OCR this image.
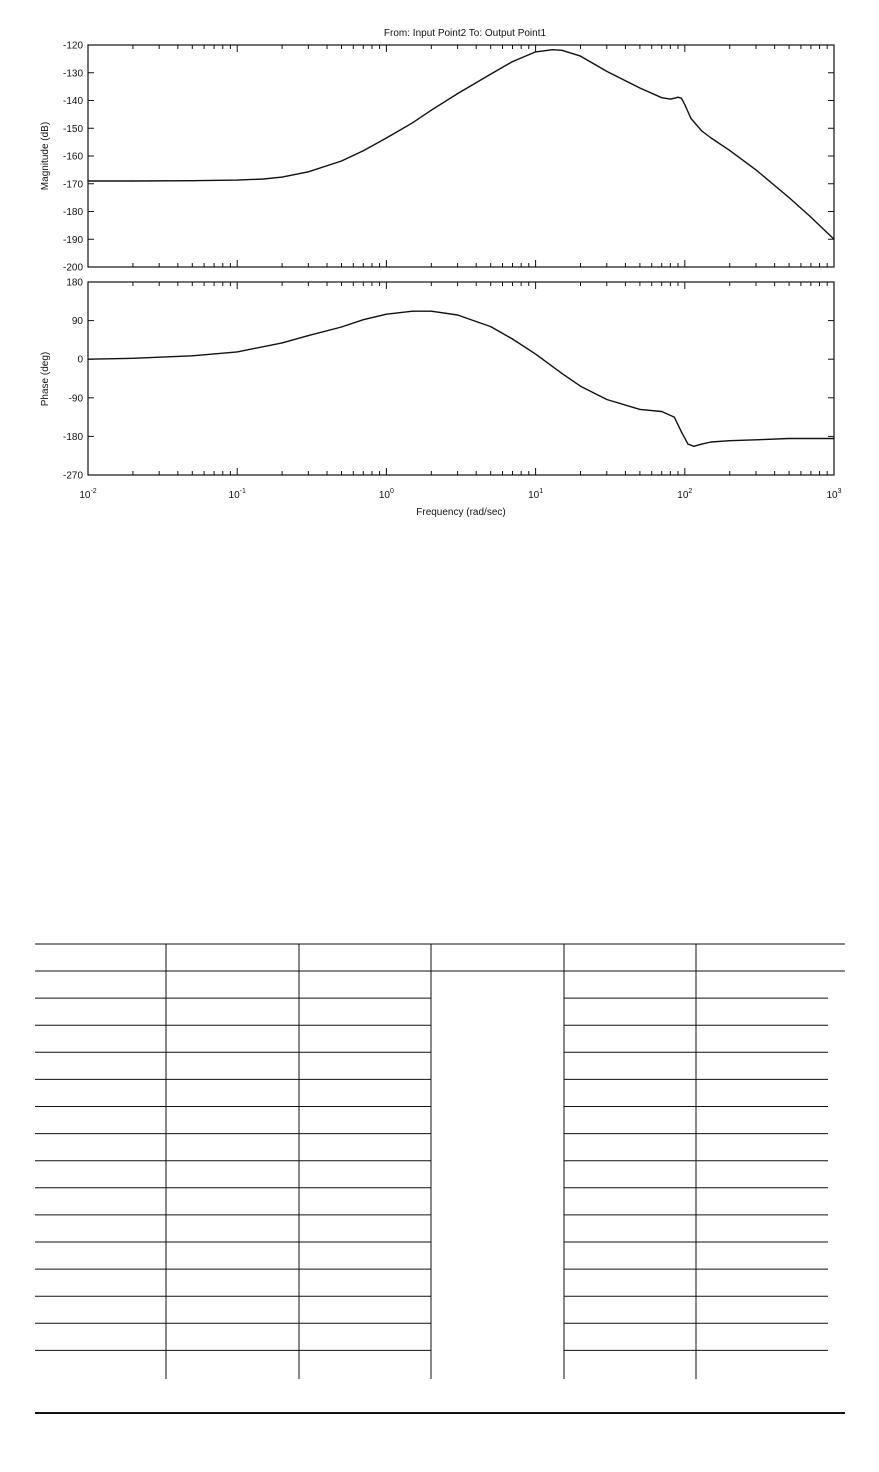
From: Input Point2 To: Output Point1
-120
-130
-140
-150
-160
-170
-180
-190
-200
Magnitude (dB)
180
90
0
-90
-180
-270
Phase (deg)
$10^{-2}$	$10^{-1}$	$10^0$	$10^1$	$10^2$	$10^3$
Frequency (rad/sec)
